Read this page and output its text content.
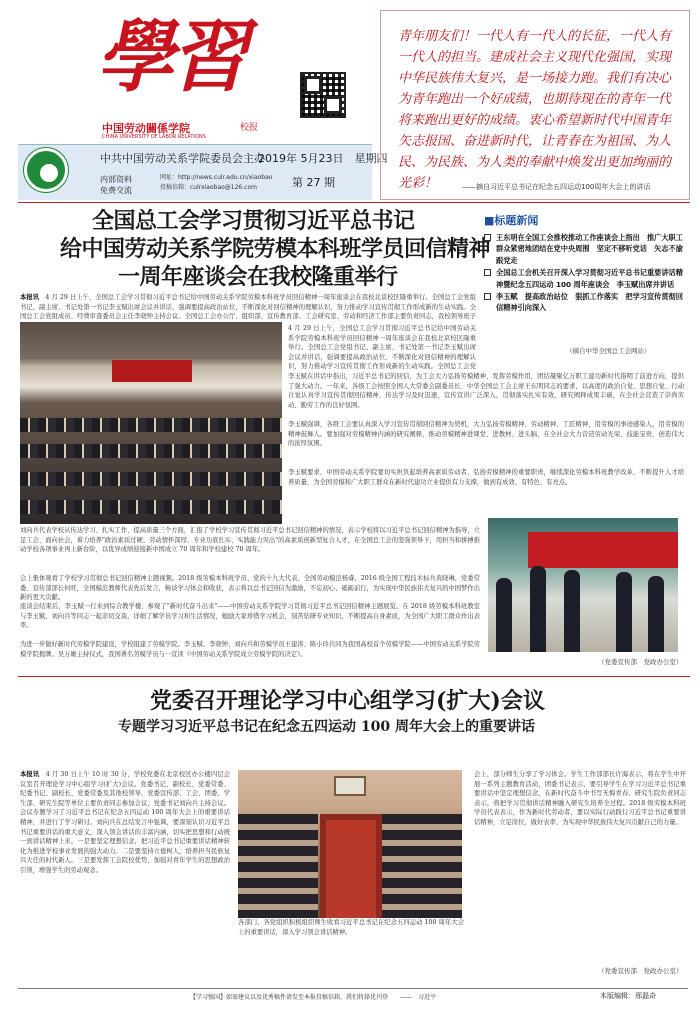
學習
中国劳动關係学院
CHINA UNIVERSITY OF LABOR RELATIONS
校报
中共中国劳动关系学院委员会主办
内部资料
免费交流
网址：http://news.culr.edu.cn/xiaobao
投稿信箱：culrxiaobao@126.com
2019年 5月23日　星期四
第 27 期
青年朋友们！一代人有一代人的长征，一代人有一代人的担当。建成社会主义现代化强国，实现中华民族伟大复兴，是一场接力跑。我们有决心为青年跑出一个好成绩，也期待现在的青年一代将来跑出更好的成绩。衷心希望新时代中国青年矢志报国、奋进新时代，让青春在为祖国、为人民、为民族、为人类的奉献中焕发出更加绚丽的光彩！	——摘自习近平总书记在纪念五四运动100周年大会上的讲话
全国总工会学习贯彻习近平总书记
给中国劳动关系学院劳模本科班学员回信精神
一周年座谈会在我校隆重举行
本报讯　4 月 29 日上午，全国总工会学习贯彻习近平总书记给中国劳动关系学院劳模本科班学员回信精神一周年座谈会在我校北京校区隆重举行。全国总工会党组书记、副主席、书记处第一书记李玉赋出席会议并讲话，强调要提高政治站位，不断深化对回信精神的理解认识，努力推动学习宣传贯彻工作形成新的生动实践。全国总工会党组成员、经费审查委员会主任李晓钟主持会议。全国总工会办公厅、组织部、宣传教育部、工会研究室、劳动和经济工作部主要负责同志，我校领导班子
4 月 29 日上午，全国总工会学习贯彻习近平总书记给中国劳动关系学院劳模本科班学员回信精神一周年座谈会在我校北京校区隆重举行。全国总工会党组书记、副主席、书记处第一书记李玉赋出席会议并讲话，强调要提高政治站位，不断深化对回信精神的理解认识，努力推动学习宣传贯彻工作形成新的生动实践。全国总工会党
李玉赋在讲话中指出，习近平总书记的回信，为工会大力弘扬劳模精神、发挥劳模作用，团结凝聚亿万职工建功新时代指明了前进方向，提供了强大动力。一年来，各级工会按照全国人大常委会副委员长、中华全国总工会主席王东明同志的要求，以高度的政治自觉、思想自觉、行动自觉认真学习宣传贯彻回信精神，传达学习及时迅速，宣传宣讲广泛深入，贯彻落实扎实有效，研究阐释成果丰硕，在全社会营造了崇尚劳动、勤劳工作的良好氛围。
李玉赋强调，各级工会要认真深入学习宣传贯彻回信精神为契机，大力弘扬劳模精神、劳动精神、工匠精神，用劳模的事迹感染人，用劳模的精神鼓舞人。要加强对劳模精神内涵的研究阐释，推动劳模精神进课堂、进教材、进头脑，在全社会大力营造劳动光荣、技能宝贵、创造伟大的浓厚氛围。
李玉赋要求，中国劳动关系学院要切实担负起培养高素质劳动者、弘扬劳模精神的重要职责，继续深化劳模本科班教学改革，不断提升人才培养质量，为全国劳模和广大职工群众在新时代建功立业提供有力支撑，做到有成效、有特色、有亮点。
刘向兵代表学校从传达学习、扎实工作、提高质量三个方面，汇报了学校学习宣传贯彻习近平总书记回信精神的情况，表示学校将以习近平总书记回信精神为指导，立足工会、面向社会，着力培养"政治素质过硬、劳动情怀深厚、专业功底扎实、实践能力突出"的高素质创新型复合人才，在全国总工会的坚强领导下，用担当和拼搏推动学校各项事业再上新台阶，以优异成绩迎接新中国成立 70 周年和学校建校 70 周年。
会上集体观看了学校学习贯彻总书记回信精神主题视频。2018 级劳模本科班学员、党的十九大代表、全国劳动模范杨睿，2016 级全国工程技术标兵黄晓琳，党委常委、宣传部部长何旺，全国模范教师代表先后发言，畅谈学习体会和收获，表示将以总书记回信为激励，不忘初心、砥砺前行，为实现中华民族伟大复兴的中国梦作出新的更大贡献。
座谈会结束后，李玉赋一行来到综合教学楼，参观了"新时代奋斗出来"——中国劳动关系学院学习贯彻习近平总书记回信精神主题展览，在 2018 级劳模本科班教室与李玉赋、刘向兵等同志一起亲切交谈，详细了解学员学习和生活情况，勉励大家珍惜学习机会，刻苦钻研专业知识，不断提高自身素质，为全国广大职工群众作出表率。
为进一步做好新时代劳模学院建设，学校组建了劳模学院。李玉赋、李晓钟、刘向兵和劳模学员王建涛、陈小玲共同为我国高校首个劳模学院——中国劳动关系学院劳模学院揭牌。吴万雄主持仪式，我国著名劳模学员与一宣读《中国劳动关系学院成立劳模学院的决定》。
■标题新闻
王东明在全国工会推校推动工作座谈会上指出　推广大职工群众紧密地团结在党中央周围　坚定不移听党话　矢志不渝跟党走
全国总工会机关召开深入学习贯彻习近平总书记重要讲话精神暨纪念五四运动 100 周年座谈会　李玉赋出席并讲话
李玉赋　提高政治站位　狠抓工作落实　把学习宣传贯彻回信精神引向深入
（摘自中华全国总工会网站）
（党委宣传部　党政办公室）
党委召开理论学习中心组学习(扩大)会议
专题学习习近平总书记在纪念五四运动 100 周年大会上的重要讲话
本报讯　4 月 30 日上午 10 时 30 分，学校党委在北京校区办公楼四层会议室召开理论学习中心组学习(扩大)会议。党委书记、副校长、党委常委、纪委书记、副校长、党委常委及其他校领导，党委宣传部、工会、团委、学生部、研究生院等单位主要负责同志参加会议，党委书记刘向兵主持会议。会议专题学习了习近平总书记在纪念五四运动 100 周年大会上的重要讲话精神，并进行了学习研讨。刘向兵在总结发言中强调，要深刻认识习近平总书记重要讲话的重大意义，深入领会讲话的丰富内涵，切实把思想和行动统一到讲话精神上来。一是要坚定理想信念，把习近平总书记重要讲话精神转化为推进学校事业发展的强大动力。二是要坚持立德树人，培养担当民族复兴大任的时代新人。三是要发挥工会院校优势，加强对青年学生的思想政治引领，增强学生的劳动观念。
各部门、各党组织积极组织师生收看习近平总书记在纪念五四运动 100 周年大会上的重要讲话，深入学习领会讲话精神。
会上，部分师生分享了学习体会。学生工作部部长许海表示，将在学生中开展一系列主题教育活动，团委书记表示，要引导学生在学习习近平总书记重要讲话中坚定理想信念，在新时代奋斗中书写无悔青春。研究生院负责同志表示，将把学习贯彻讲话精神融入研究生培养全过程。2018 级劳模本科班学员代表表示，作为新时代劳动者，要以实际行动践行习近平总书记重要讲话精神，立足岗位，做好表率，为实现中华民族伟大复兴贡献自己的力量。
（党委宣传部　党政办公室）
【学习强国】如需建议以及优秀稿件请发至本报投稿信箱，我们将择优刊登　　——　习近平	本版编辑：邢磊奇
